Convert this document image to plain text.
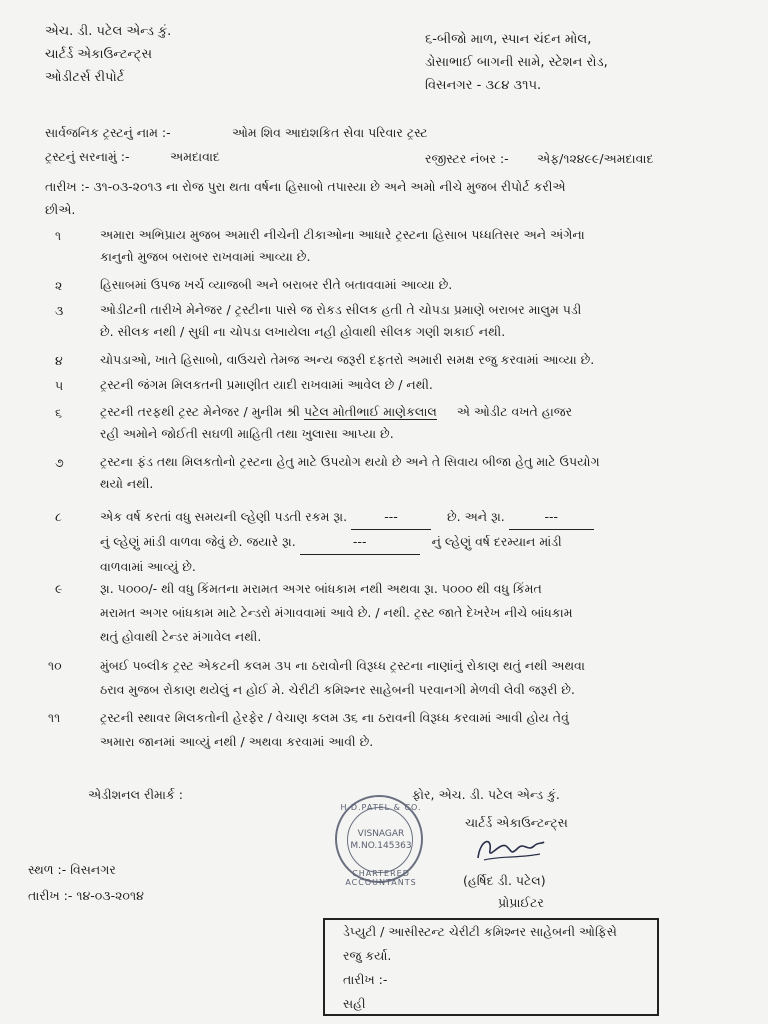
એચ. ડી. પટેલ એન્ડ કું.
ચાર્ટર્ડ એકાઉન્ટન્ટ્સ
ઓડીટર્સ રીપોર્ટ
૬-બીજો માળ, સ્પાન ચંદન મોલ,
ડોસાભાઈ બાગની સામે, સ્ટેશન રોડ,
વિસનગર - ૩૮૪ ૩૧૫.
સાર્વજનિક ટ્રસ્ટનું નામ :-	ઓમ શિવ આદ્યશકિત સેવા પરિવાર ટ્રસ્ટ
ટ્રસ્ટનું સરનામું :-	અમદાવાદ	રજીસ્ટર નંબર :- એફ/૧૨૪૯૯/અમદાવાદ
તારીખ :- ૩૧-૦૩-૨૦૧૩ ના રોજ પુરા થતા વર્ષના હિસાબો તપાસ્યા છે અને અમો નીચે મુજબ રીપોર્ટ કરીએ
છીએ.
૧	અમારા અભિપ્રાય મુજબ અમારી નીચેની ટીકાઓના આધારે ટ્રસ્ટના હિસાબ પધ્ધતિસર અને અંગેના
કાનુનો મુજબ બરાબર રાખવામાં આવ્યા છે.
૨	હિસાબમાં ઉપજ ખર્ચ વ્યાજબી અને બરાબર રીતે બતાવવામાં આવ્યા છે.
૩	ઓડીટની તારીખે મેનેજર / ટ્રસ્ટીના પાસે જ રોકડ સીલક હતી તે ચોપડા પ્રમાણે બરાબર માલુમ પડી
છે. સીલક નથી / સુધી ના ચોપડા લખાયેલા નહી હોવાથી સીલક ગણી શકાઈ નથી.
૪	ચોપડાઓ, ખાતે હિસાબો, વાઉચરો તેમજ અન્ય જરૂરી દફતરો અમારી સમક્ષ રજુ કરવામાં આવ્યા છે.
૫	ટ્રસ્ટની જંગમ મિલકતની પ્રમાણીત યાદી રાખવામાં આવેલ છે / નથી.
૬	ટ્રસ્ટની તરફથી ટ્રસ્ટ મેનેજર / મુનીમ શ્રી પટેલ મોતીભાઈ માણેકલાલ એ ઓડીટ વખતે હાજર
રહી અમોને જોઈતી સઘળી માહિતી તથા ખુલાસા આપ્યા છે.
૭	ટ્રસ્ટના ફંડ તથા મિલકતોનો ટ્રસ્ટના હેતુ માટે ઉપયોગ થયો છે અને તે સિવાય બીજા હેતુ માટે ઉપયોગ
થયો નથી.
૮	એક વર્ષ કરતાં વધુ સમયની લ્હેણી પડતી રકમ રૂા.	---	છે. અને રૂા.	---
નું લ્હેણું માંડી વાળવા જેવું છે. જયારે રૂા.	---	નું લ્હેણું વર્ષ દરમ્યાન માંડી
વાળવામાં આવ્યું છે.
૯	રૂા. ૫૦૦૦/- થી વધુ કિંમતના મરામત અગર બાંધકામ નથી અથવા રૂા. ૫૦૦૦ થી વધુ કિંમત
મરામત અગર બાંધકામ માટે ટેન્ડરો મંગાવવામાં આવે છે. / નથી. ટ્રસ્ટ જાતે દેખરેખ નીચે બાંધકામ
થતું હોવાથી ટેન્ડર મંગાવેલ નથી.
૧૦	મુંબઈ પબ્લીક ટ્રસ્ટ એકટની કલમ ૩૫ ના ઠરાવોની વિરૂધ્ધ ટ્રસ્ટના નાણાંનું રોકાણ થતું નથી અથવા
ઠરાવ મુજબ રોકાણ થયેલું ન હોઈ મે. ચેરીટી કમિશ્નર સાહેબની પરવાનગી મેળવી લેવી જરૂરી છે.
૧૧	ટ્રસ્ટની સ્થાવર મિલકતોની હેરફેર / વેચાણ કલમ ૩૬ ના ઠરાવની વિરૂધ્ધ કરવામાં આવી હોય તેવું
અમારા જાનમાં આવ્યું નથી / અથવા કરવામાં આવી છે.
એડીશનલ રીમાર્ક :	ફોર, એચ. ડી. પટેલ એન્ડ કું.
ચાર્ટર્ડ એકાઉન્ટન્ટ્સ
H.D.PATEL & CO.
VISNAGAR
M.NO.145363
CHARTERED ACCOUNTANTS	(હર્ષિદ ડી. પટેલ)
પ્રોપ્રાઈટર
સ્થળ :- વિસનગર
તારીખ :- ૧૪-૦૩-૨૦૧૪
ડેપ્યુટી / આસીસ્ટન્ટ ચેરીટી કમિશ્નર સાહેબની ઓફિસે
રજુ કર્યા.
તારીખ :-
સહી
